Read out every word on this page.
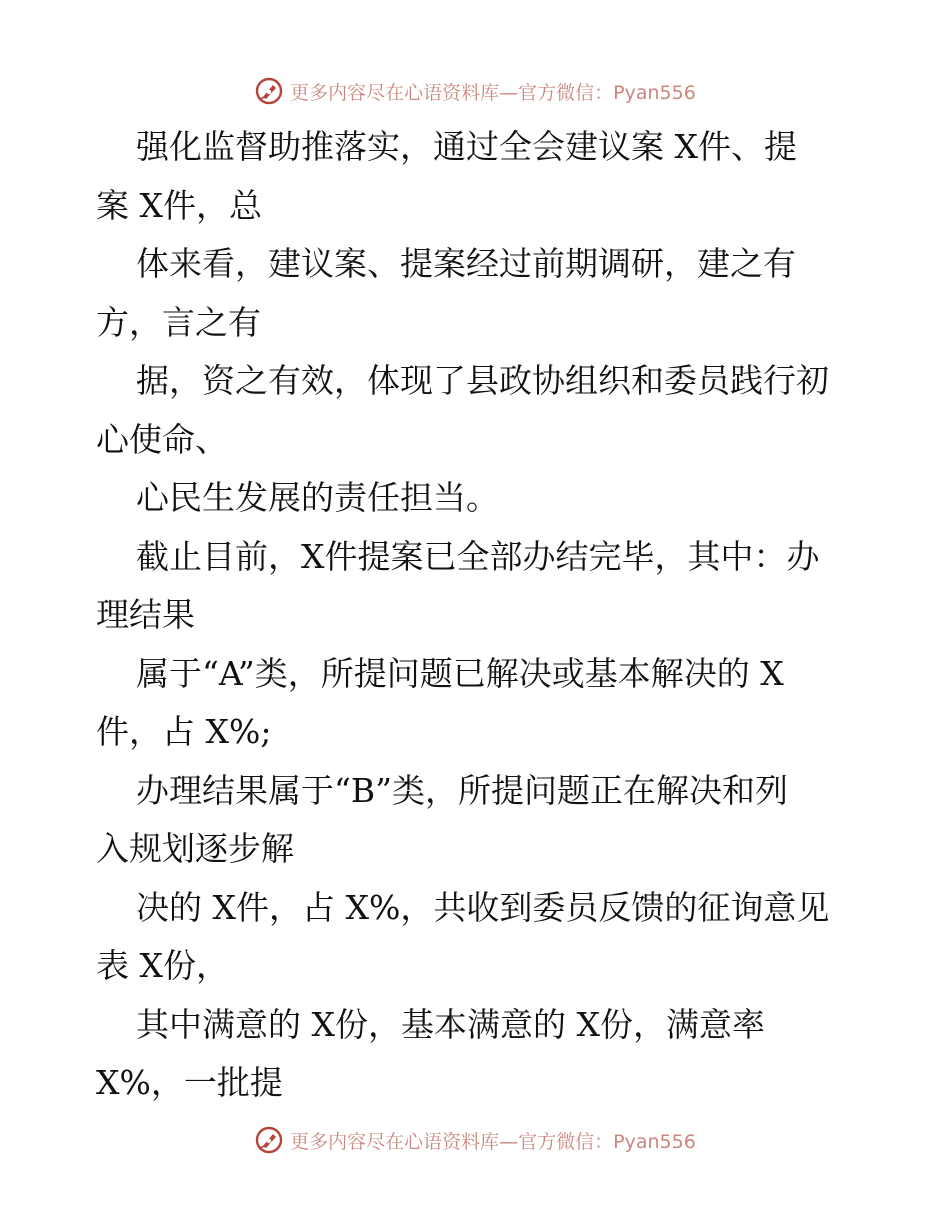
更多内容尽在心语资料库—官方微信：Pyan556
强化监督助推落实，通过全会建议案 X件、提
案 X件，总
体来看，建议案、提案经过前期调研，建之有
方，言之有
据，资之有效，体现了县政协组织和委员践行初
心使命、
心民生发展的责任担当。
截止目前，X件提案已全部办结完毕，其中：办
理结果
属于“A”类，所提问题已解决或基本解决的 X
件，占 X%;
办理结果属于“B”类，所提问题正在解决和列
入规划逐步解
决的 X件，占 X%，共收到委员反馈的征询意见
表 X份，
其中满意的 X份，基本满意的 X份，满意率
X%，一批提
更多内容尽在心语资料库—官方微信：Pyan556
